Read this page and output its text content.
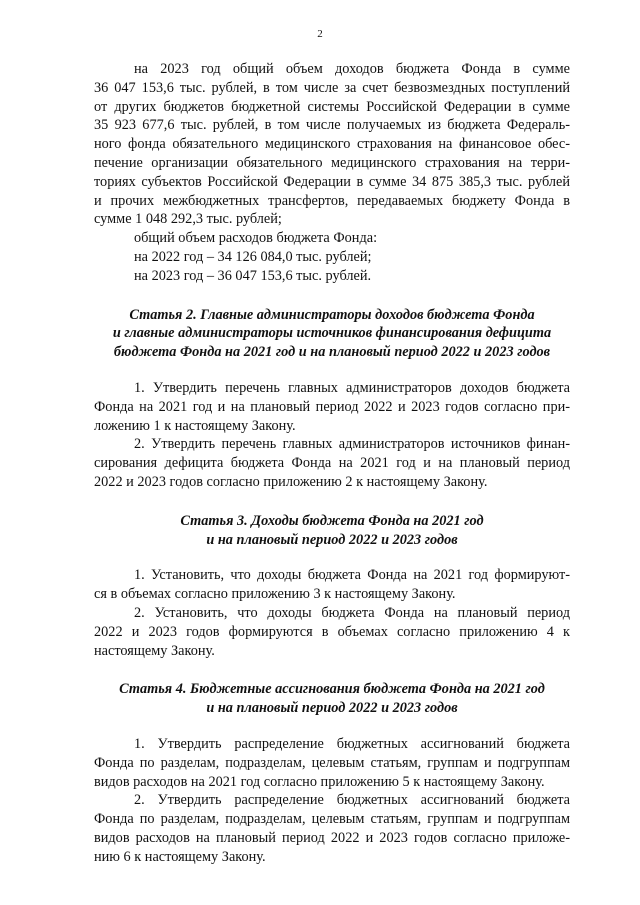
2

на 2023 год общий объем доходов бюджета Фонда в сумме
36 047 153,6 тыс. рублей, в том числе за счет безвозмездных поступлений
от других бюджетов бюджетной системы Российской Федерации в сумме
35 923 677,6 тыс. рублей, в том числе получаемых из бюджета Федераль-
ного фонда обязательного медицинского страхования на финансовое обес-
печение организации обязательного медицинского страхования на терри-
ториях субъектов Российской Федерации в сумме 34 875 385,3 тыс. рублей
и прочих межбюджетных трансфертов, передаваемых бюджету Фонда в
сумме 1 048 292,3 тыс. рублей;

общий объем расходов бюджета Фонда:
на 2022 год – 34 126 084,0 тыс. рублей;
на 2023 год – 36 047 153,6 тыс. рублей.

Статья 2. Главные администраторы доходов бюджета Фонда
и главные администраторы источников финансирования дефицита
бюджета Фонда на 2021 год и на плановый период 2022 и 2023 годов

1. Утвердить перечень главных администраторов доходов бюджета
Фонда на 2021 год и на плановый период 2022 и 2023 годов согласно при-
ложению 1 к настоящему Закону.

2. Утвердить перечень главных администраторов источников финан-
сирования дефицита бюджета Фонда на 2021 год и на плановый период
2022 и 2023 годов согласно приложению 2 к настоящему Закону.

Статья 3. Доходы бюджета Фонда на 2021 год
и на плановый период 2022 и 2023 годов

1. Установить, что доходы бюджета Фонда на 2021 год формируют-
ся в объемах согласно приложению 3 к настоящему Закону.

2. Установить, что доходы бюджета Фонда на плановый период
2022 и 2023 годов формируются в объемах согласно приложению 4 к
настоящему Закону.

Статья 4. Бюджетные ассигнования бюджета Фонда на 2021 год
и на плановый период 2022 и 2023 годов

1. Утвердить распределение бюджетных ассигнований бюджета
Фонда по разделам, подразделам, целевым статьям, группам и подгруппам
видов расходов на 2021 год согласно приложению 5 к настоящему Закону.

2. Утвердить распределение бюджетных ассигнований бюджета
Фонда по разделам, подразделам, целевым статьям, группам и подгруппам
видов расходов на плановый период 2022 и 2023 годов согласно приложе-
нию 6 к настоящему Закону.
